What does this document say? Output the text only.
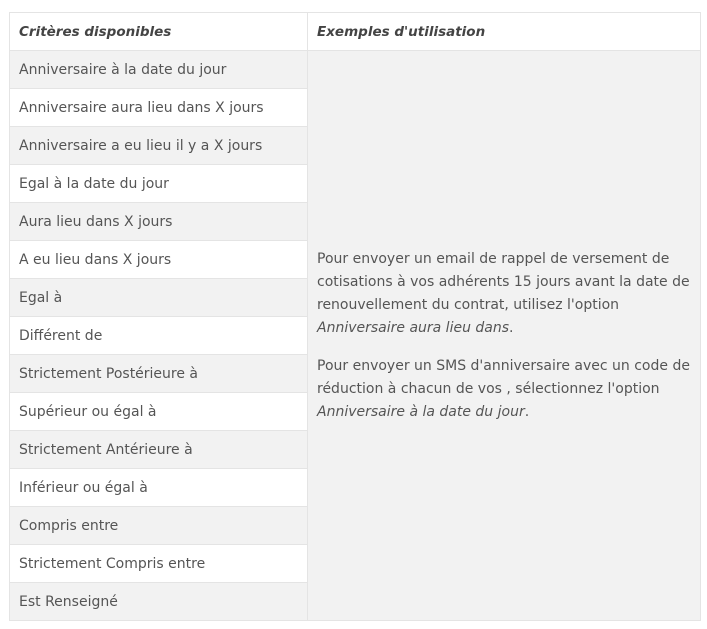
Critères disponibles	Exemples d'utilisation
Anniversaire à la date du jour	Pour envoyer un email de rappel de versement de cotisations à vos adhérents 15 jours avant la date de renouvellement du contrat, utilisez l'option Anniversaire aura lieu dans.

Pour envoyer un SMS d'anniversaire avec un code de réduction à chacun de vos , sélectionnez l'option Anniversaire à la date du jour.

Anniversaire aura lieu dans X jours	
Anniversaire a eu lieu il y a X jours	
Egal à la date du jour	
Aura lieu dans X jours	
A eu lieu dans X jours	
Egal à	
Différent de	
Strictement Postérieure à	
Supérieur ou égal à	
Strictement Antérieure à	
Inférieur ou égal à	
Compris entre	
Strictement Compris entre	
Est Renseigné	
